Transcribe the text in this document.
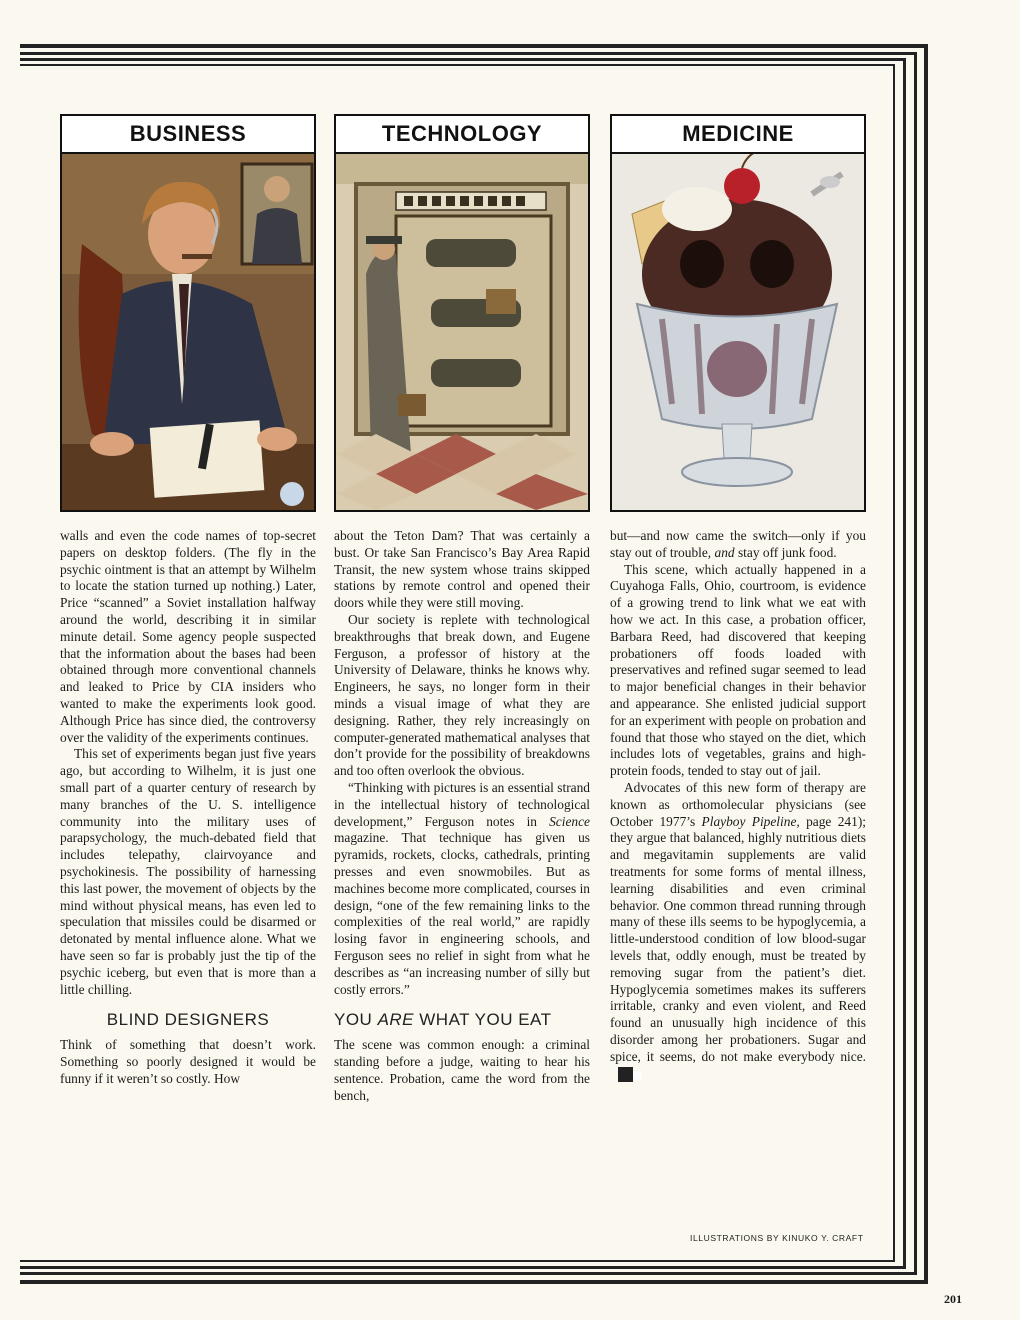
BUSINESS	TECHNOLOGY	MEDICINE

walls and even the code names of top-secret papers on desktop folders. (The fly in the psychic ointment is that an attempt by Wilhelm to locate the station turned up nothing.) Later, Price “scanned” a Soviet installation halfway around the world, describing it in similar minute detail. Some agency people suspected that the information about the bases had been obtained through more conventional channels and leaked to Price by CIA insiders who wanted to make the experiments look good. Although Price has since died, the controversy over the validity of the experiments continues.

This set of experiments began just five years ago, but according to Wilhelm, it is just one small part of a quarter century of research by many branches of the U. S. intelligence community into the military uses of parapsychology, the much-debated field that includes telepathy, clairvoyance and psychokinesis. The possibility of harnessing this last power, the movement of objects by the mind without physical means, has even led to speculation that missiles could be disarmed or detonated by mental influence alone. What we have seen so far is probably just the tip of the psychic iceberg, but even that is more than a little chilling.

BLIND DESIGNERS

Think of something that doesn’t work. Something so poorly designed it would be funny if it weren’t so costly. How

about the Teton Dam? That was certainly a bust. Or take San Francisco’s Bay Area Rapid Transit, the new system whose trains skipped stations by remote control and opened their doors while they were still moving.

Our society is replete with technological breakthroughs that break down, and Eugene Ferguson, a professor of history at the University of Delaware, thinks he knows why. Engineers, he says, no longer form in their minds a visual image of what they are designing. Rather, they rely increasingly on computer-generated mathematical analyses that don’t provide for the possibility of breakdowns and too often overlook the obvious.

“Thinking with pictures is an essential strand in the intellectual history of technological development,” Ferguson notes in Science magazine. That technique has given us pyramids, rockets, clocks, cathedrals, printing presses and even snowmobiles. But as machines become more complicated, courses in design, “one of the few remaining links to the complexities of the real world,” are rapidly losing favor in engineering schools, and Ferguson sees no relief in sight from what he describes as “an increasing number of silly but costly errors.”

YOU ARE WHAT YOU EAT

The scene was common enough: a criminal standing before a judge, waiting to hear his sentence. Probation, came the word from the bench,

but—and now came the switch—only if you stay out of trouble, and stay off junk food.

This scene, which actually happened in a Cuyahoga Falls, Ohio, courtroom, is evidence of a growing trend to link what we eat with how we act. In this case, a probation officer, Barbara Reed, had discovered that keeping probationers off foods loaded with preservatives and refined sugar seemed to lead to major beneficial changes in their behavior and appearance. She enlisted judicial support for an experiment with people on probation and found that those who stayed on the diet, which includes lots of vegetables, grains and high-protein foods, tended to stay out of jail.

Advocates of this new form of therapy are known as orthomolecular physicians (see October 1977’s Playboy Pipeline, page 241); they argue that balanced, highly nutritious diets and megavitamin supplements are valid treatments for some forms of mental illness, learning disabilities and even criminal behavior. One common thread running through many of these ills seems to be hypoglycemia, a little-understood condition of low blood-sugar levels that, oddly enough, must be treated by removing sugar from the patient’s diet. Hypoglycemia sometimes makes its sufferers irritable, cranky and even violent, and Reed found an unusually high incidence of this disorder among her probationers. Sugar and spice, it seems, do not make everybody nice.■

ILLUSTRATIONS BY KINUKO Y. CRAFT
201
